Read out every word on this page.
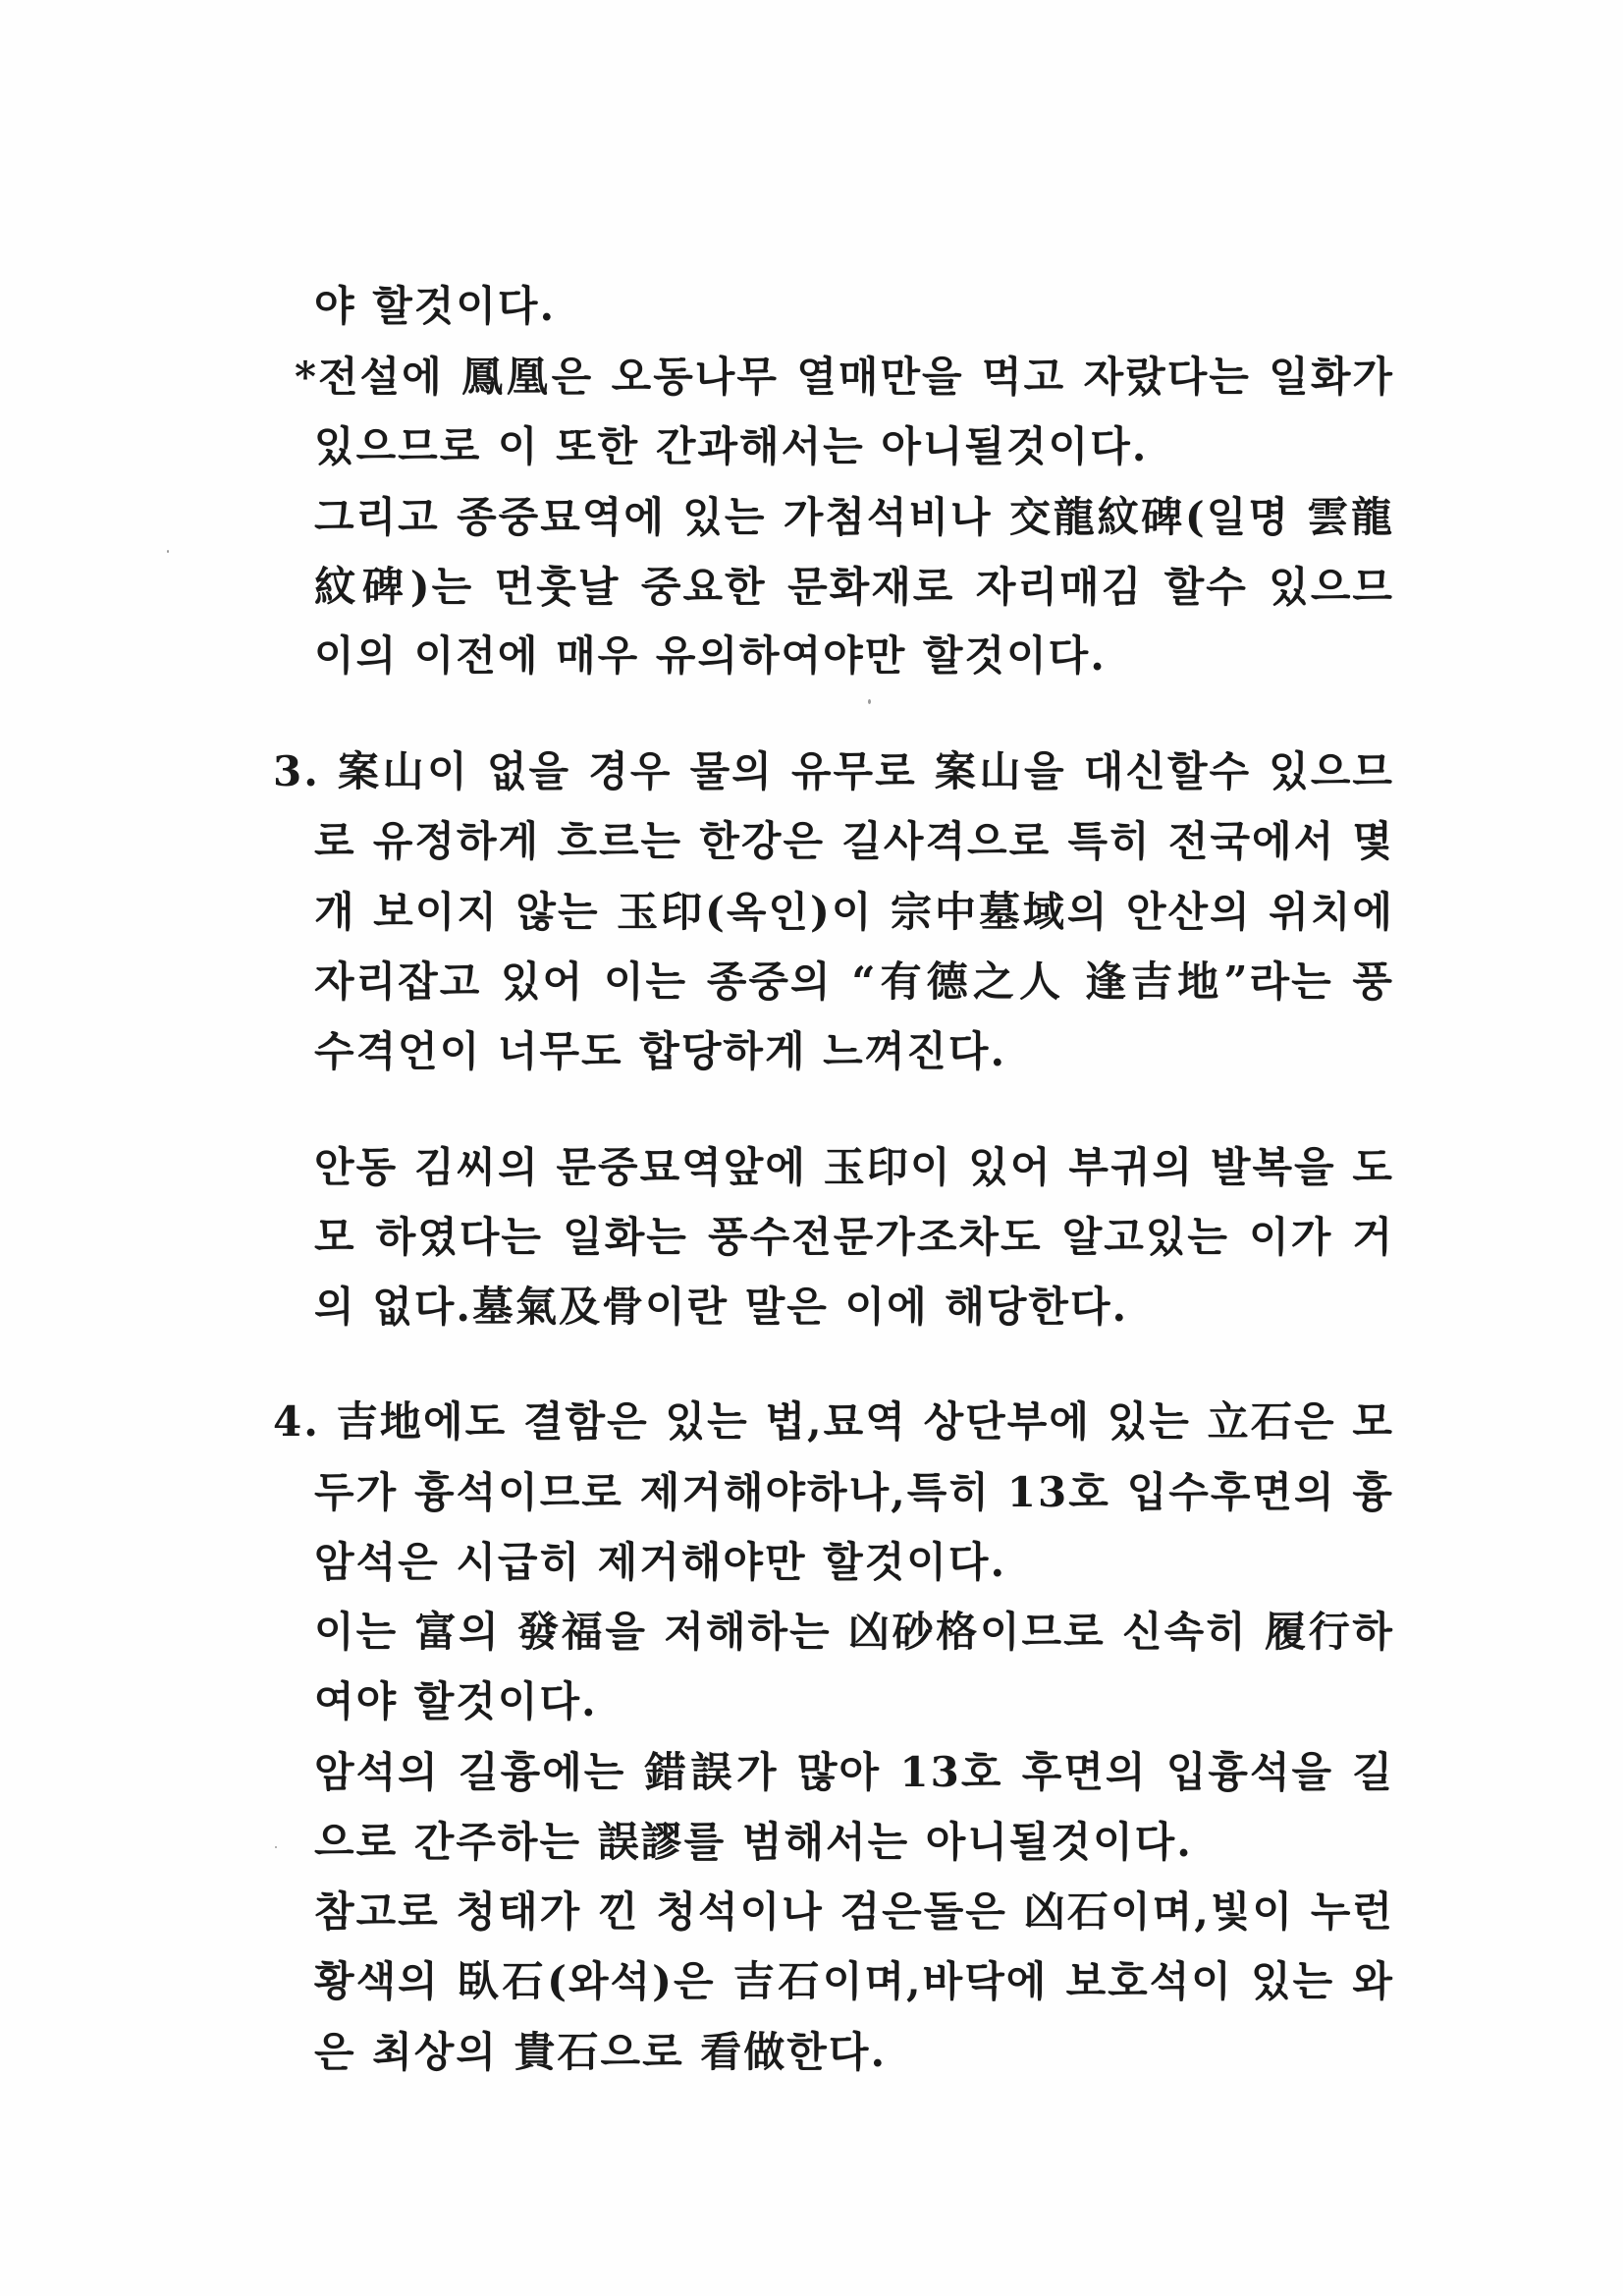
야 할것이다.
*전설에 鳳凰은 오동나무 열매만을 먹고 자랐다는 일화가
있으므로 이 또한 간과해서는 아니될것이다.
그리고 종중묘역에 있는 가첨석비나 交龍紋碑(일명 雲龍
紋碑)는 먼훗날 중요한 문화재로 자리매김 할수 있으므
이의 이전에 매우 유의하여야만 할것이다.
3. 案山이 없을 경우 물의 유무로 案山을 대신할수 있으므
로 유정하게 흐르는 한강은 길사격으로 특히 전국에서 몇
개 보이지 않는 玉印(옥인)이 宗中墓域의 안산의 위치에
자리잡고 있어 이는 종중의 “有德之人 逢吉地”라는 풍
수격언이 너무도 합당하게 느껴진다.
안동 김씨의 문중묘역앞에 玉印이 있어 부귀의 발복을 도
모 하였다는 일화는 풍수전문가조차도 알고있는 이가 거
의 없다.墓氣及骨이란 말은 이에 해당한다.
4. 吉地에도 결함은 있는 법,묘역 상단부에 있는 立石은 모
두가 흉석이므로 제거해야하나,특히 13호 입수후면의 흉
암석은 시급히 제거해야만 할것이다.
이는 富의 發福을 저해하는 凶砂格이므로 신속히 履行하
여야 할것이다.
암석의 길흉에는 錯誤가 많아 13호 후면의 입흉석을 길
으로 간주하는 誤謬를 범해서는 아니될것이다.
참고로 청태가 낀 청석이나 검은돌은 凶石이며,빛이 누런
황색의 臥石(와석)은 吉石이며,바닥에 보호석이 있는 와
은 최상의 貴石으로 看做한다.
